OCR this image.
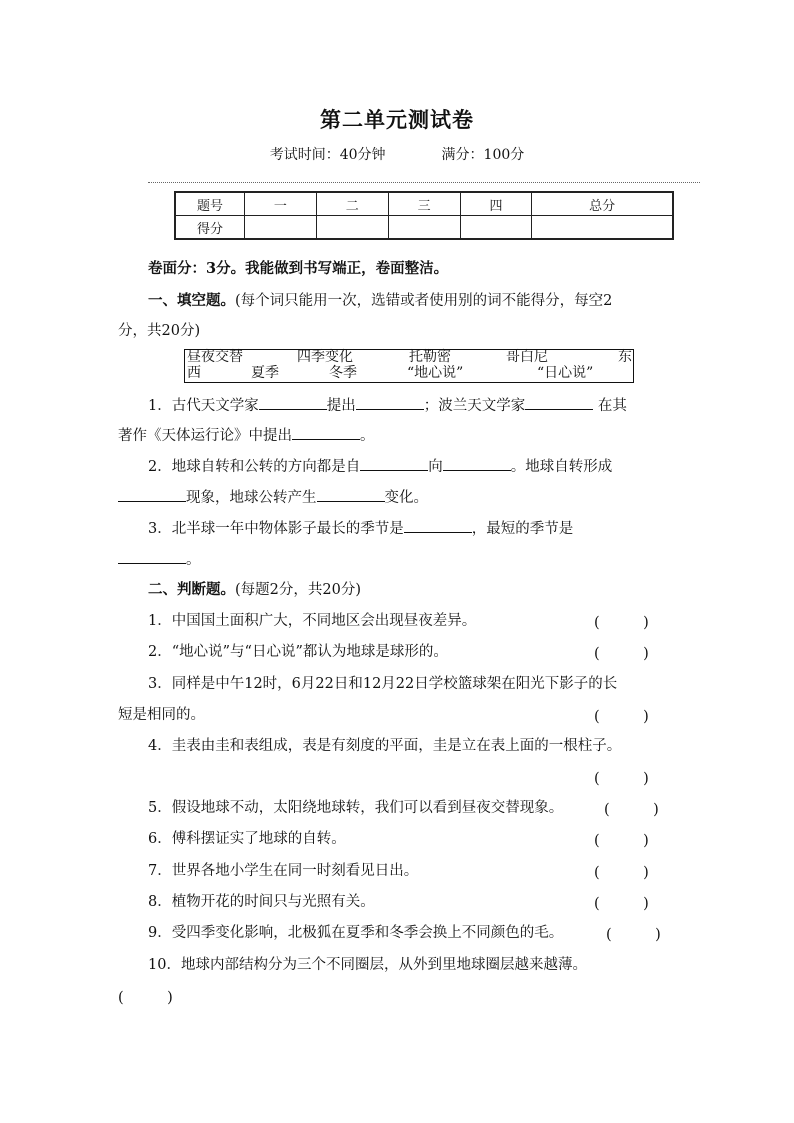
第二单元测试卷
考试时间：40分钟	满分：100分
题号	一	二	三	四	总分
得分					
卷面分：3分。我能做到书写端正，卷面整洁。
一、填空题。(每个词只能用一次，选错或者使用别的词不能得分，每空2
分，共20分)
昼夜交替	四季变化	托勒密	哥白尼	东
西	夏季	冬季	“地心说”	“日心说”
1．古代天文学家	提出	；波兰天文学家	在其
著作《天体运行论》中提出	。
2．地球自转和公转的方向都是自	向	。地球自转形成
现象，地球公转产生	变化。
3．北半球一年中物体影子最长的季节是	，最短的季节是
。
二、判断题。(每题2分，共20分)
1．中国国土面积广大，不同地区会出现昼夜差异。	(　　　)
2．“地心说”与“日心说”都认为地球是球形的。	(　　　)
3．同样是中午12时，6月22日和12月22日学校篮球架在阳光下影子的长
短是相同的。	(　　　)
4．圭表由圭和表组成，表是有刻度的平面，圭是立在表上面的一根柱子。
(　　　)
5．假设地球不动，太阳绕地球转，我们可以看到昼夜交替现象。	(　　　)
6．傅科摆证实了地球的自转。	(　　　)
7．世界各地小学生在同一时刻看见日出。	(　　　)
8．植物开花的时间只与光照有关。	(　　　)
9．受四季变化影响，北极狐在夏季和冬季会换上不同颜色的毛。	(　　　)
10．地球内部结构分为三个不同圈层，从外到里地球圈层越来越薄。
(　　　)
